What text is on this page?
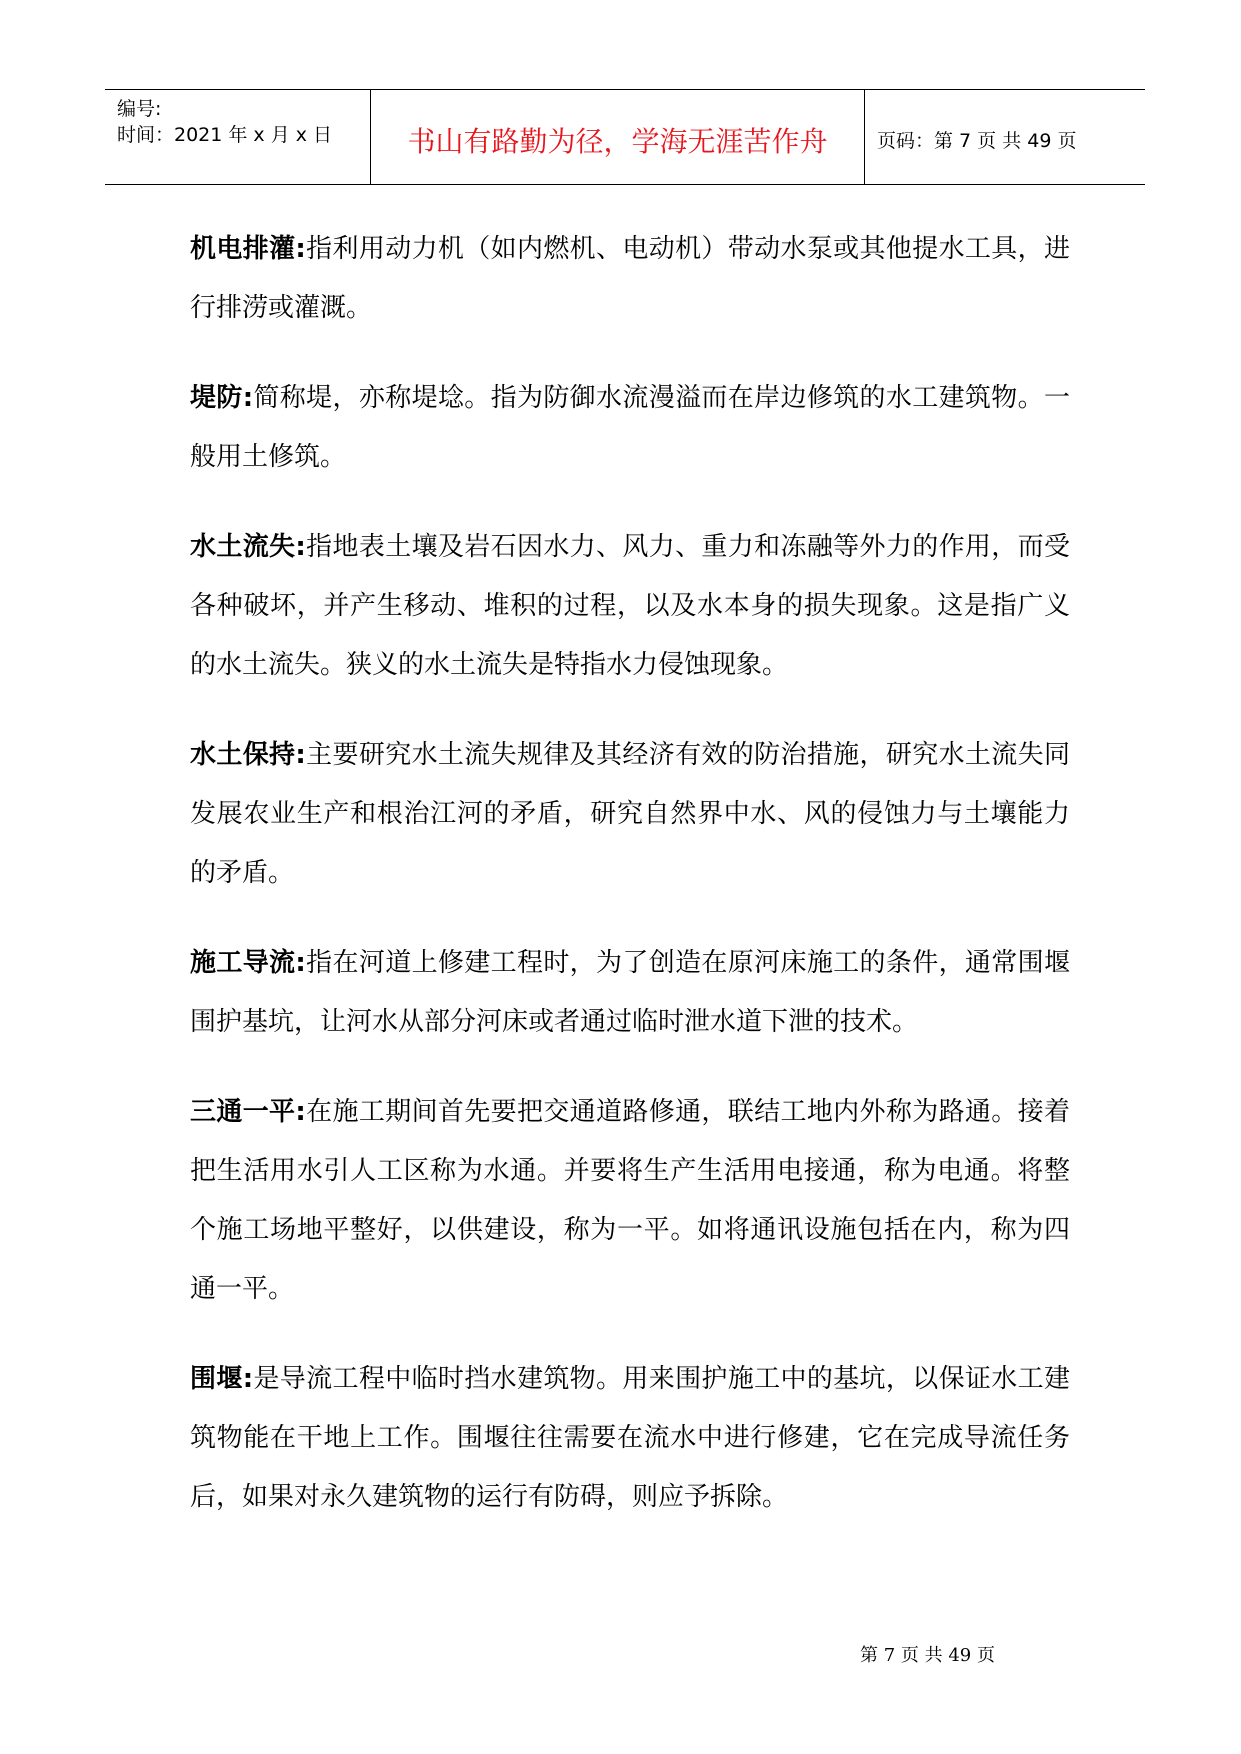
编号:
时间：2021 年 x 月 x 日	书山有路勤为径，学海无涯苦作舟	页码：第 7 页 共 49 页

机电排灌:指利用动力机（如内燃机、电动机）带动水泵或其他提水工具，进行排涝或灌溉。

堤防:简称堤，亦称堤埝。指为防御水流漫溢而在岸边修筑的水工建筑物。一般用土修筑。

水土流失:指地表土壤及岩石因水力、风力、重力和冻融等外力的作用，而受各种破坏，并产生移动、堆积的过程，以及水本身的损失现象。这是指广义的水土流失。狭义的水土流失是特指水力侵蚀现象。

水土保持:主要研究水土流失规律及其经济有效的防治措施，研究水土流失同发展农业生产和根治江河的矛盾，研究自然界中水、风的侵蚀力与土壤能力的矛盾。

施工导流:指在河道上修建工程时，为了创造在原河床施工的条件，通常围堰围护基坑，让河水从部分河床或者通过临时泄水道下泄的技术。

三通一平:在施工期间首先要把交通道路修通，联结工地内外称为路通。接着把生活用水引人工区称为水通。并要将生产生活用电接通，称为电通。将整个施工场地平整好，以供建设，称为一平。如将通讯设施包括在内，称为四通一平。

围堰:是导流工程中临时挡水建筑物。用来围护施工中的基坑，以保证水工建筑物能在干地上工作。围堰往往需要在流水中进行修建，它在完成导流任务后，如果对永久建筑物的运行有防碍，则应予拆除。

第 7 页 共 49 页
